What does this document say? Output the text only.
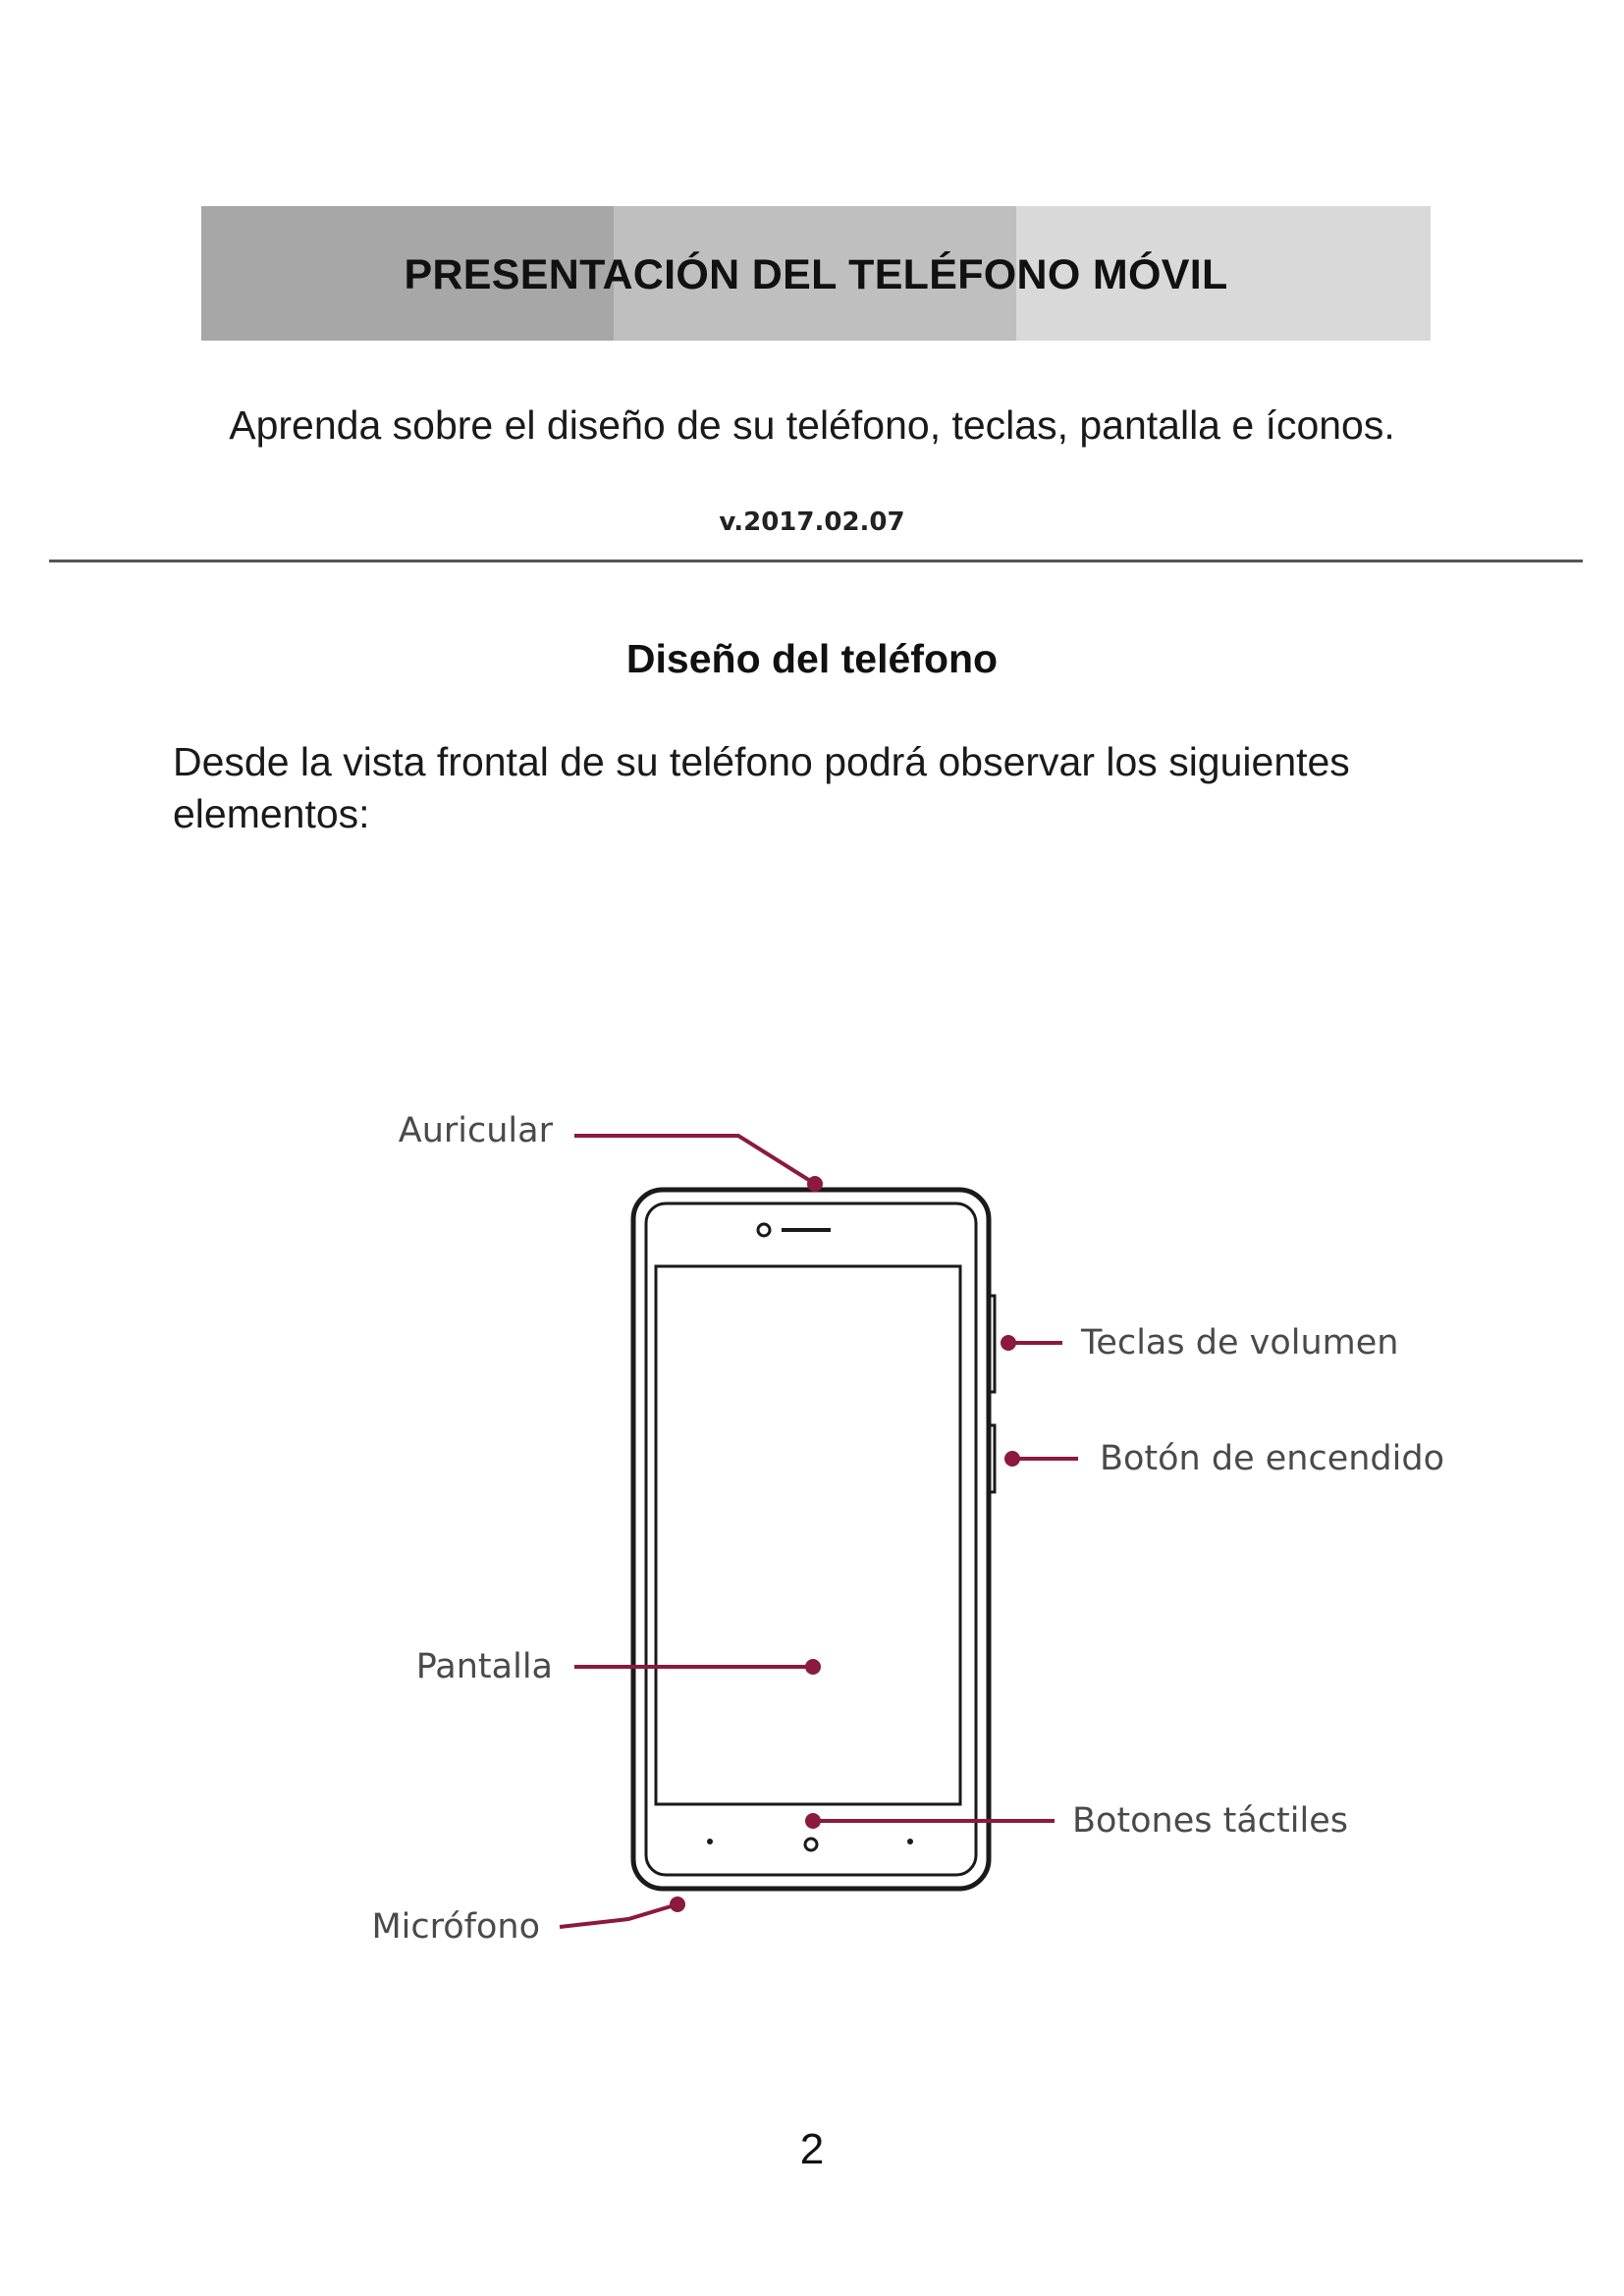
PRESENTACIÓN DEL TELÉFONO MÓVIL
Aprenda sobre el diseño de su teléfono, teclas, pantalla e íconos.
v.2017.02.07
Diseño del teléfono
Desde la vista frontal de su teléfono podrá observar los siguientes elementos:
Auricular
Teclas de volumen
Botón de encendido
Pantalla
Botones táctiles
Micrófono
2
